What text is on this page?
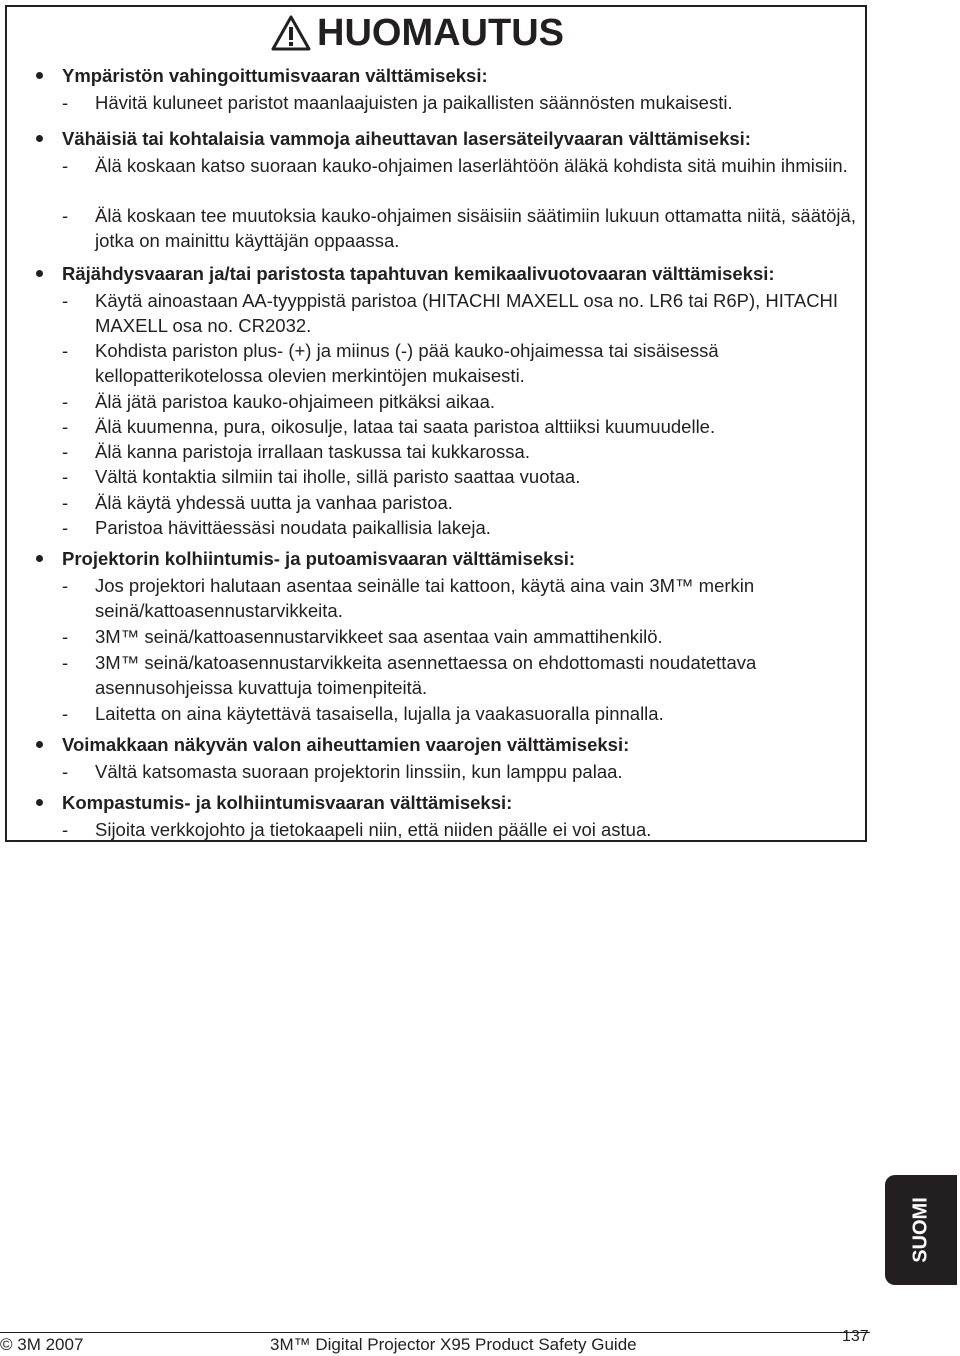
HUOMAUTUS
Ympäristön vahingoittumisvaaran välttämiseksi:
- Hävitä kuluneet paristot maanlaajuisten ja paikallisten säännösten mukaisesti.
Vähäisiä tai kohtalaisia vammoja aiheuttavan lasersäteilyvaaran välttämiseksi:
- Älä koskaan katso suoraan kauko-ohjaimen laserlähtöön äläkä kohdista sitä muihin ihmisiin.
- Älä koskaan tee muutoksia kauko-ohjaimen sisäisiin säätimiin lukuun ottamatta niitä, säätöjä, jotka on mainittu käyttäjän oppaassa.
Räjähdysvaaran ja/tai paristosta tapahtuvan kemikaalivuotovaaran välttämiseksi:
- Käytä ainoastaan AA-tyyppistä paristoa (HITACHI MAXELL osa no. LR6 tai R6P), HITACHI MAXELL osa no. CR2032.
- Kohdista pariston plus- (+) ja miinus (-) pää kauko-ohjaimessa tai sisäisessä kellopatterikotelossa olevien merkintöjen mukaisesti.
- Älä jätä paristoa kauko-ohjaimeen pitkäksi aikaa.
- Älä kuumenna, pura, oikosulje, lataa tai saata paristoa alttiiksi kuumuudelle.
- Älä kanna paristoja irrallaan taskussa tai kukkarossa.
- Vältä kontaktia silmiin tai iholle, sillä paristo saattaa vuotaa.
- Älä käytä yhdessä uutta ja vanhaa paristoa.
- Paristoa hävittäessäsi noudata paikallisia lakeja.
Projektorin kolhiintumis- ja putoamisvaaran välttämiseksi:
- Jos projektori halutaan asentaa seinälle tai kattoon, käytä aina vain 3M™ merkin seinä/kattoasennustarvikkeita.
- 3M™ seinä/kattoasennustarvikkeet saa asentaa vain ammattihenkilö.
- 3M™ seinä/katoasennustarvikkeita asennettaessa on ehdottomasti noudatettava asennusohjeissa kuvattuja toimenpiteitä.
- Laitetta on aina käytettävä tasaisella, lujalla ja vaakasuoralla pinnalla.
Voimakkaan näkyvän valon aiheuttamien vaarojen välttämiseksi:
- Vältä katsomasta suoraan projektorin linssiin, kun lamppu palaa.
Kompastumis- ja kolhiintumisvaaran välttämiseksi:
- Sijoita verkkojohto ja tietokaapeli niin, että niiden päälle ei voi astua.
SUOMI
© 3M 2007	3M™ Digital Projector X95 Product Safety Guide	137
